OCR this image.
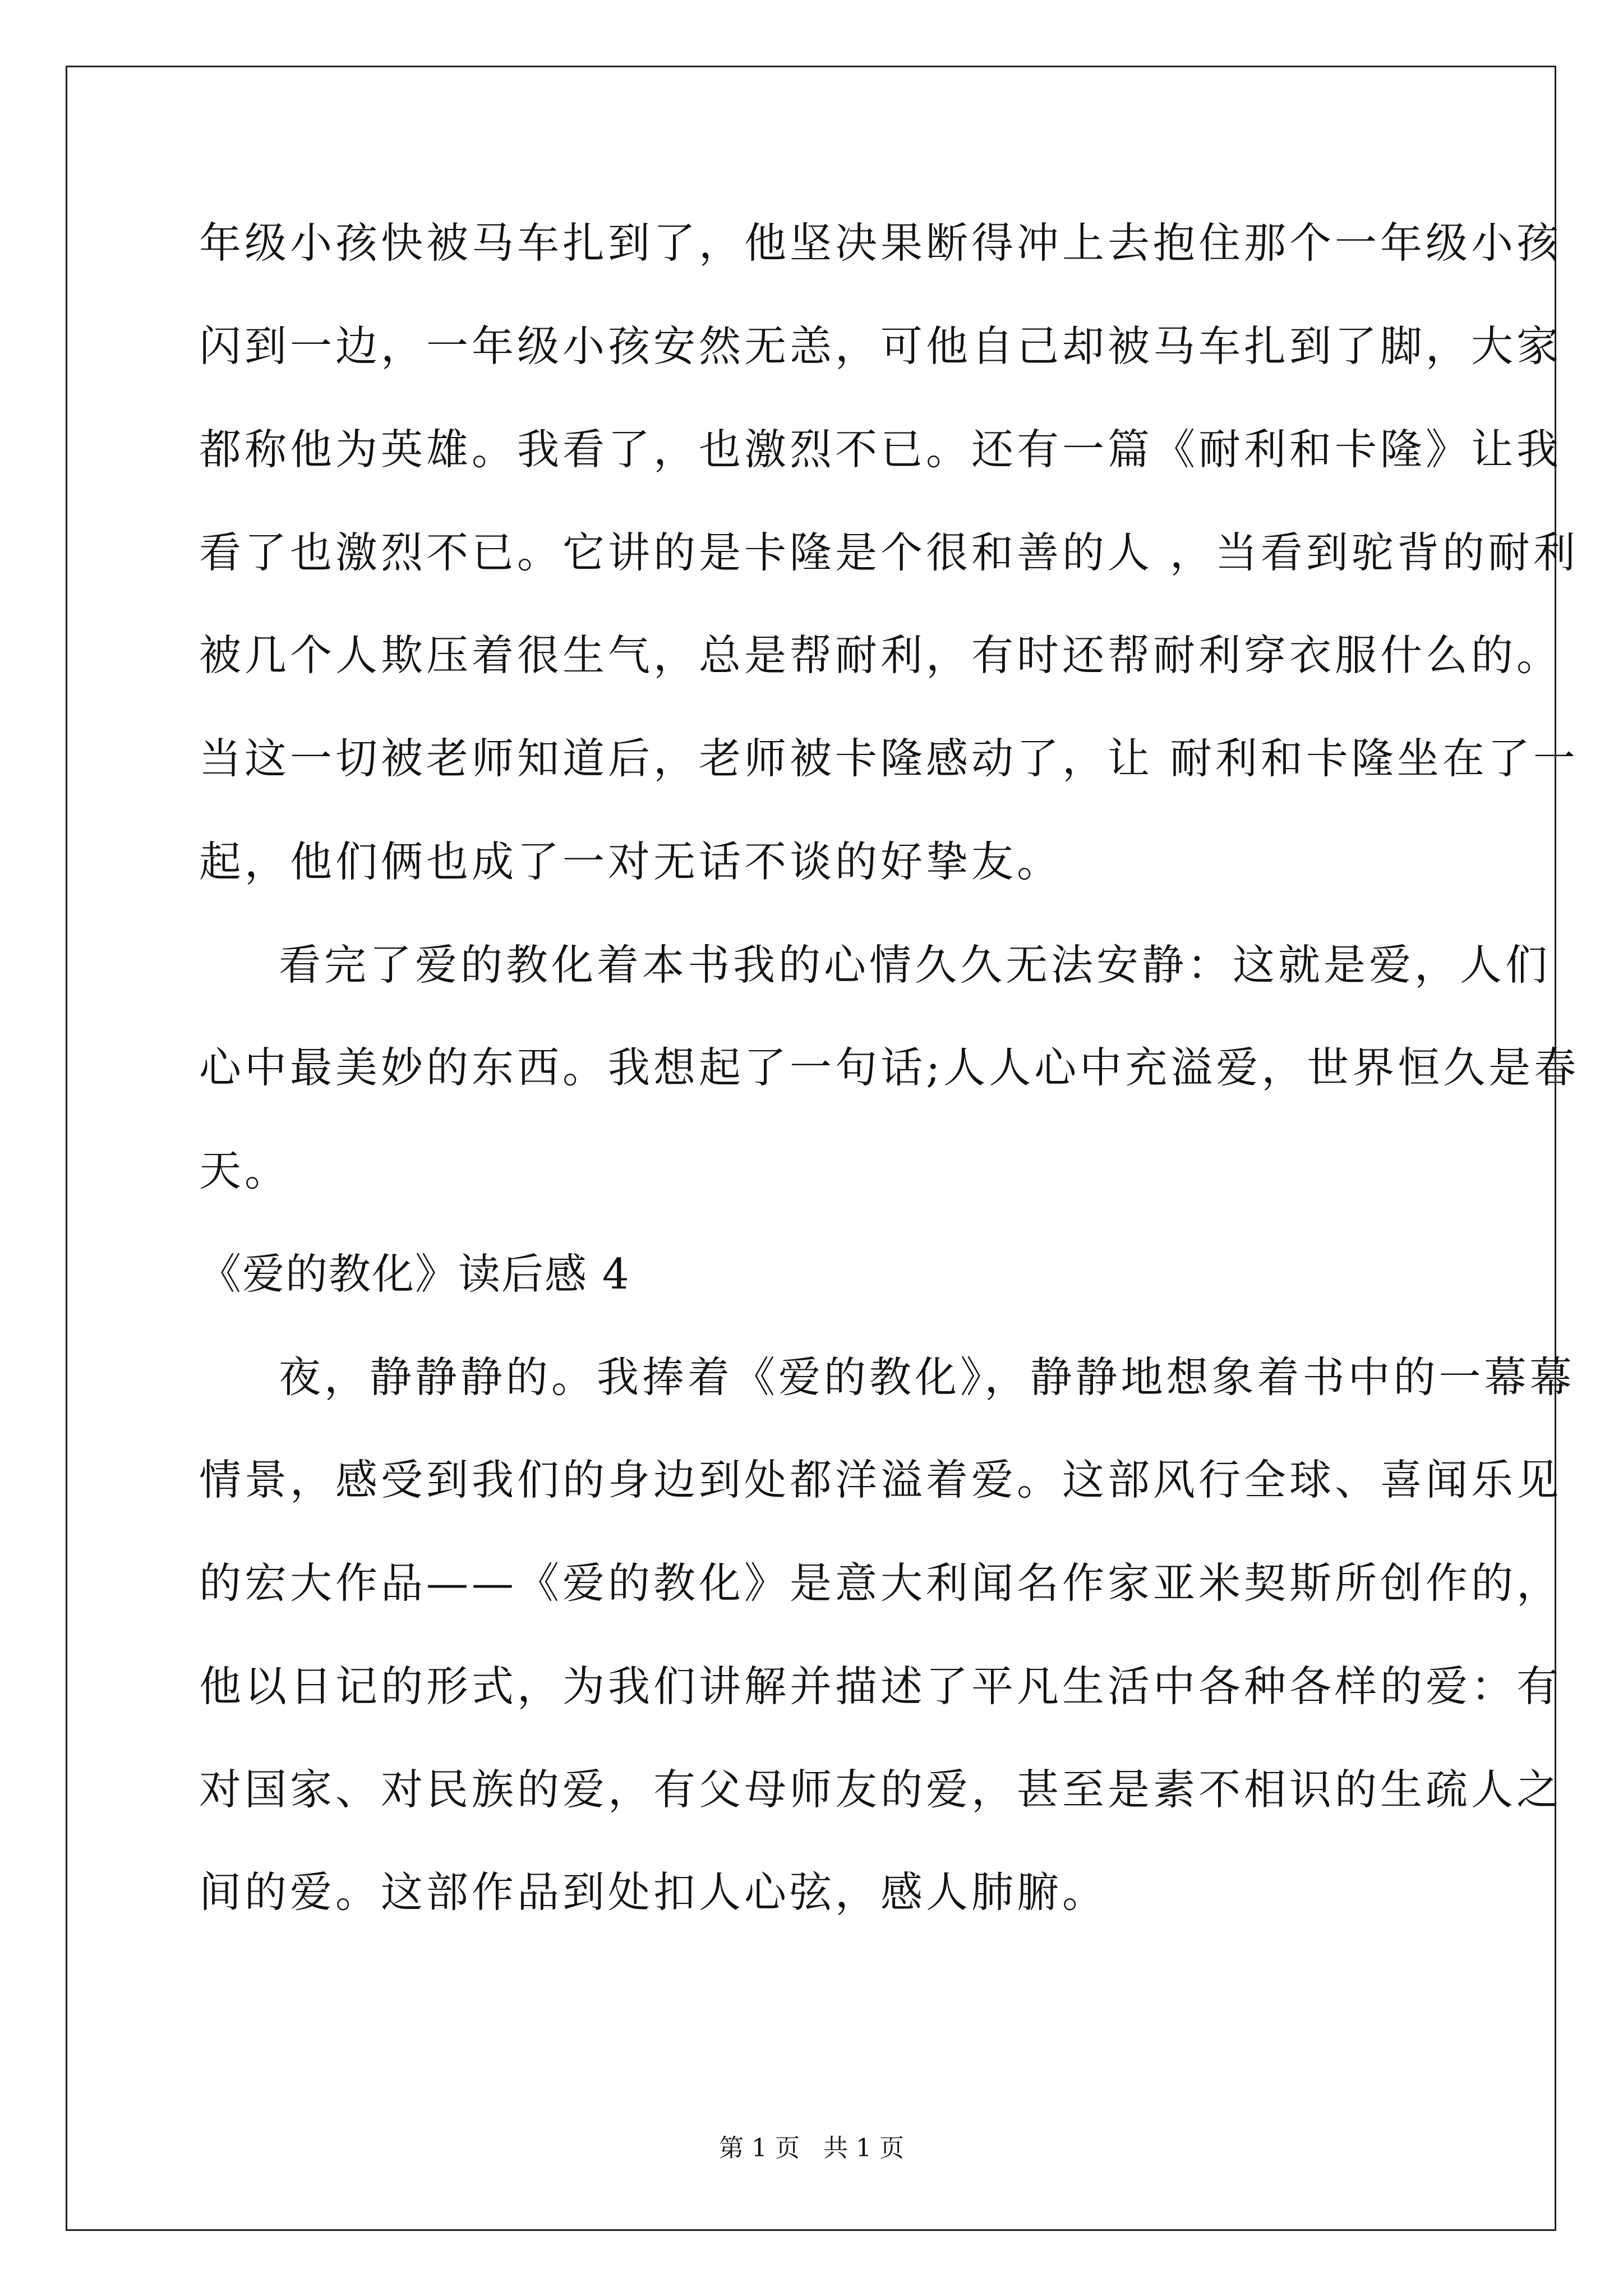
年级小孩快被马车扎到了，他坚决果断得冲上去抱住那个一年级小孩
闪到一边，一年级小孩安然无恙，可他自己却被马车扎到了脚，大家
都称他为英雄。我看了，也激烈不已。还有一篇《耐利和卡隆》让我
看了也激烈不已。它讲的是卡隆是个很和善的人 ，当看到驼背的耐利
被几个人欺压着很生气，总是帮耐利，有时还帮耐利穿衣服什么的。
当这一切被老师知道后，老师被卡隆感动了，让 耐利和卡隆坐在了一
起，他们俩也成了一对无话不谈的好挚友。
看完了爱的教化着本书我的心情久久无法安静：这就是爱，人们
心中最美妙的东西。我想起了一句话;人人心中充溢爱，世界恒久是春
天。
《爱的教化》读后感 4
夜，静静静的。我捧着《爱的教化》，静静地想象着书中的一幕幕
情景，感受到我们的身边到处都洋溢着爱。这部风行全球、喜闻乐见
的宏大作品——《爱的教化》是意大利闻名作家亚米契斯所创作的，
他以日记的形式，为我们讲解并描述了平凡生活中各种各样的爱：有
对国家、对民族的爱，有父母师友的爱，甚至是素不相识的生疏人之
间的爱。这部作品到处扣人心弦，感人肺腑。
第 1 页   共 1 页
